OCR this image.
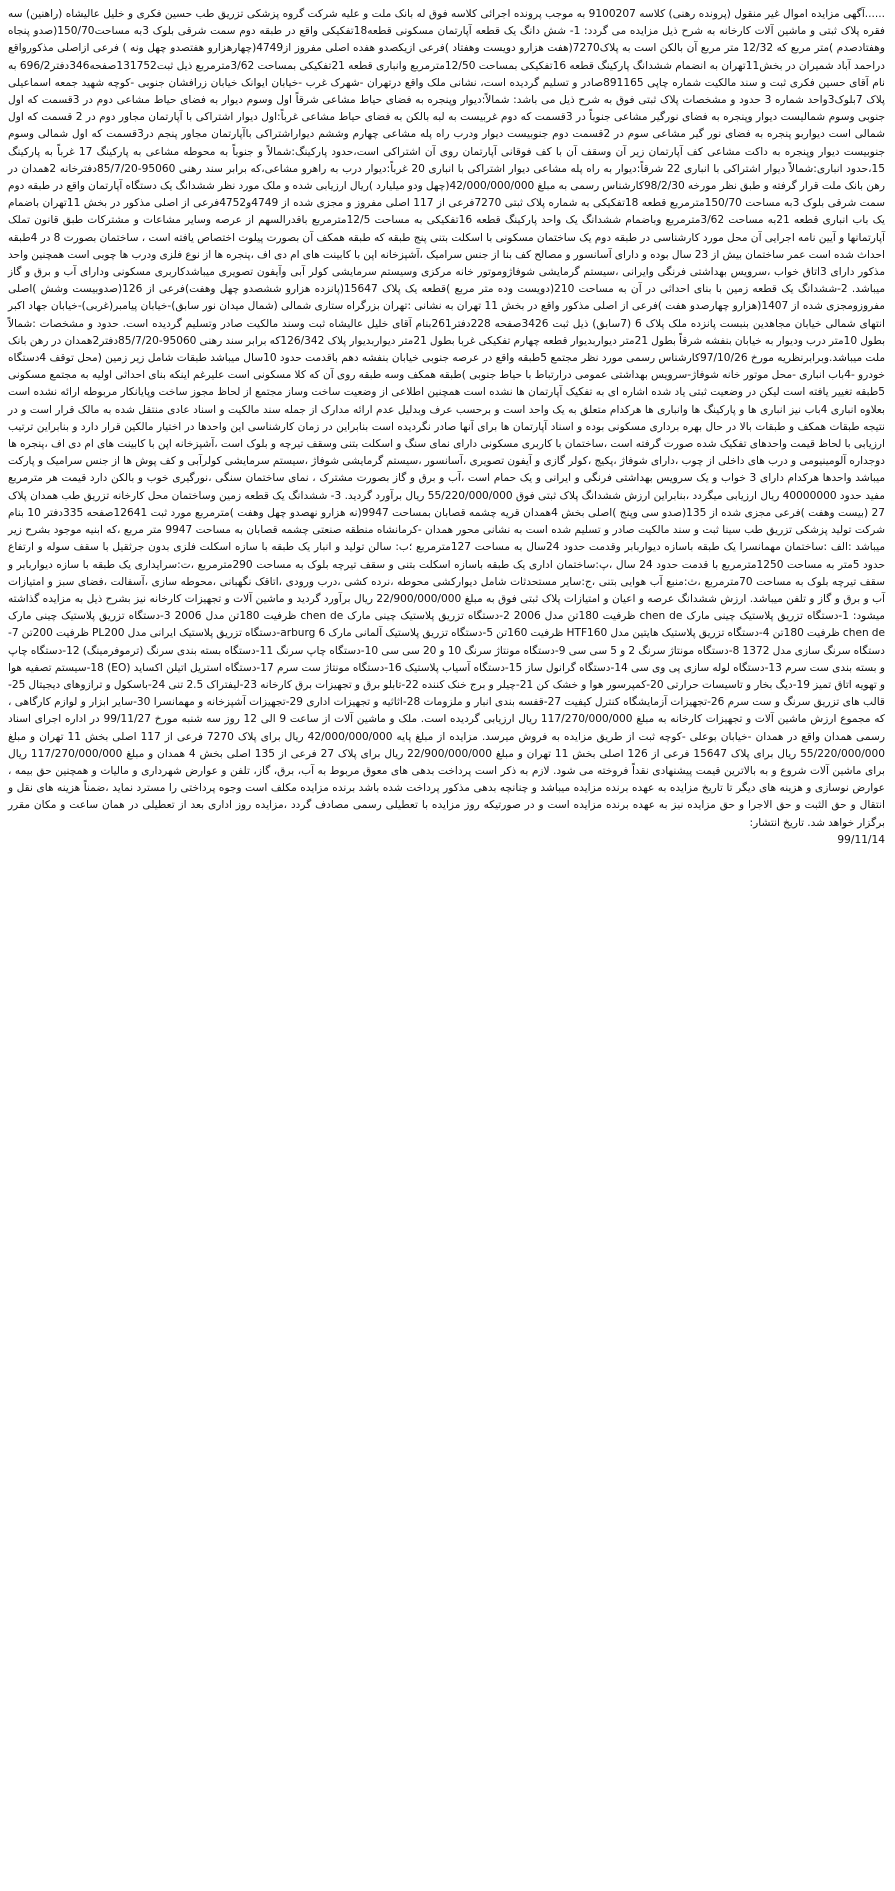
......آگهی مزایده اموال غیر منقول (پرونده رهنی) کلاسه 9100207 به موجب پرونده اجرائی کلاسه فوق له بانک ملت و علیه شرکت گروه پزشکی تزریق طب حسین فکری و خلیل عالیشاه (راهنین) سه فقره پلاک ثبتی و ماشین آلات کارخانه به شرح ذیل مزایده می گردد: 1- شش دانگ یک قطعه آپارتمان مسکونی قطعه18تفکیکی واقع در طبقه دوم سمت شرقی بلوک 3به مساحت150/70(صدو پنجاه وهفتادصدم )متر مربع که 12/32 متر مربع آن بالکن است به پلاک7270(هفت هزارو دویست وهفتاد )فرعی ازیکصدو هفده اصلی مفروز از4749(چهارهزارو هفتصدو چهل ونه ) فرعی ازاصلی مذکورواقع دراحمد آباد شمیران در بخش11تهران به انضمام ششدانگ پارکینگ قطعه 16تفکیکی بمساحت 12/50مترمربع وانباری قطعه 21تفکیکی بمساحت 3/62مترمربع ذیل ثبت131752صفحه346دفتر696/2 به نام آقای حسین فکری ثبت و سند مالکیت شماره چاپی 891165صادر و تسلیم گردیده است، نشانی ملک واقع درتهران -شهرک غرب -خیابان ایوانک خیابان زرافشان جنوبی -کوچه شهید جمعه اسماعیلی پلاک 7بلوک3واحد شماره 3 حدود و مشخصات پلاک ثبتی فوق به شرح ذیل می باشد: شمالاً:دیوار وپنجره به فضای حیاط مشاعی شرقاً اول وسوم دیوار به فضای حیاط مشاعی دوم در 3قسمت که اول جنوبی وسوم شمالیست دیوار وپنجره به فضای نورگیر مشاعی جنوباً در 3قسمت که دوم غربیست به لبه بالکن به فضای حیاط مشاعی غرباً:اول دیوار اشتراکی با آپارتمان مجاور دوم در 2 قسمت که اول شمالی است دیواربو پنجره به فضای نور گیر مشاعی سوم در 2قسمت دوم جنوبیست دیوار ودرب راه پله مشاعی چهارم وششم دیواراشتراکی باآپارتمان مجاور پنجم در3قسمت که اول شمالی وسوم جنوبیست دیوار وپنجره به داکت مشاعی کف آپارتمان زیر آن وسقف آن با کف فوقانی آپارتمان روی آن اشتراکی است،حدود پارکینگ:شمالاً و جنوباً به محوطه مشاعی به پارکینگ 17 غرباً به پارکینگ 15،حدود انباری:شمالاً دیوار اشتراکی با انباری 22 شرقاً:دیوار به راه پله مشاعی دیوار اشتراکی با انباری 20 غرباً:دیوار درب به راهرو مشاعی،که برابر سند رهنی 95060-85/7/20دفترخانه 2همدان در رهن بانک ملت قرار گرفته و طبق نظر مورخه 98/2/30کارشناس رسمی به مبلغ 42/000/000/000(چهل ودو میلیارد )ریال ارزیابی شده و ملک مورد نظر ششدانگ یک دستگاه آپارتمان واقع در طبقه دوم سمت شرقی بلوک 3به مساحت 150/70مترمربع قطعه 18تفکیکی به شماره پلاک ثبتی 7270فرعی از 117 اصلی مفروز و مجزی شده از 4749و4752فرعی از اصلی مذکور در بخش 11تهران باضمام یک باب انباری قطعه 21به مساحت 3/62مترمربع وباضمام ششدانگ یک واحد پارکینگ قطعه 16تفکیکی به مساحت 12/5مترمربع باقدرالسهم از عرصه وسایر مشاعات و مشترکات طبق قانون تملک آپارتمانها و آیین نامه اجرایی آن محل مورد کارشناسی در طبقه دوم یک ساختمان مسکونی با اسکلت بتنی پنج طبقه که طبقه همکف آن بصورت پیلوت اختصاص یافته است ، ساختمان بصورت 8 در 4طبقه احداث شده است عمر ساختمان بیش از 23 سال بوده و دارای آسانسور و مصالح کف بنا از جنس سرامیک ،آشپزخانه اپن با کابینت های ام دی اف ،پنجره ها از نوع فلزی ودرب ها چوبی است همچنین واحد مذکور دارای 3اتاق خواب ،سرویس بهداشتی فرنگی وایرانی ،سیستم گرمایشی شوفاژوموتور خانه مرکزی وسیستم سرمایشی کولر آبی وآیفون تصویری میباشدکاربری مسکونی ودارای آب و برق و گاز میباشد. 2-ششدانگ یک قطعه زمین با بنای احداثی در آن به مساحت 210(دویست وده متر مربع )قطعه یک پلاک 15647(پانزده هزارو ششصدو چهل وهفت)فرعی از 126(صدوبیست وشش )اصلی مفروزومجزی شده از 1407(هزارو چهارصدو هفت )فرعی از اصلی مذکور واقع در بخش 11 تهران به نشانی :تهران بزرگراه ستاری شمالی (شمال میدان نور سابق)-خیابان پیامبر(غربی)-خیابان جهاد اکبر انتهای شمالی خیابان مجاهدین بنبست پانزده ملک پلاک 6 (7سابق) ذیل ثبت 3426صفحه 228دفتر261بنام آقای خلیل عالیشاه ثبت وسند مالکیت صادر وتسلیم گردیده است. حدود و مشخصات :شمالاً بطول 10متر درب ودیوار به خیابان بنفشه شرقاً بطول 21متر دیواربدیوار قطعه چهارم تفکیکی غربا بطول 21متر دیواربدیوار پلاک 126/342که برابر سند رهنی 95060-85/7/20دفتر2همدان در رهن بانک ملت میباشد.وبرابرنظریه مورخ 97/10/26کارشناس رسمی مورد نظر مجتمع 5طبقه واقع در عرصه جنوبی خیابان بنفشه دهم باقدمت حدود 10سال میباشد طبقات شامل زیر زمین (محل توقف 4دستگاه خودرو -4باب انباری -محل موتور خانه شوفاژ-سرویس بهداشتی عمومی درارتباط با حیاط جنوبی )طبقه همکف وسه طبقه روی آن که کلا مسکونی است علیرغم اینکه بنای احداثی اولیه به مجتمع مسکونی 5طبقه تغییر یافته است لیکن در وضعیت ثبتی یاد شده اشاره ای به تفکیک آپارتمان ها نشده است همچنین اطلاعی از وضعیت ساخت وساز مجتمع از لحاظ مجوز ساخت وپایانکار مربوطه ارائه نشده است بعلاوه انباری 4باب نیز انباری ها و پارکینگ ها وانباری ها هرکدام متعلق به یک واحد است و برحسب عرف وبدلیل عدم ارائه مدارک از جمله سند مالکیت و اسناد عادی منتقل شده به مالک قرار است و در نتیجه طبقات همکف و طبقات بالا در حال بهره برداری مسکونی بوده و اسناد آپارتمان ها برای آنها صادر نگردیده است بنابراین در زمان کارشناسی این واحدها در اختیار مالکین قرار دارد و بنابراین ترتیب ارزیابی با لحاظ قیمت واحدهای تفکیک شده صورت گرفته است ،ساختمان با کاربری مسکونی دارای نمای سنگ و اسکلت بتنی وسقف تیرچه و بلوک است ،آشپزخانه اپن با کابینت های ام دی اف ،پنجره ها دوجداره آلومینیومی و درب های داخلی از چوب ،دارای شوفاژ ،پکیج ،کولر گازی و آیفون تصویری ،آسانسور ،سیستم گرمایشی شوفاژ ،سیستم سرمایشی کولرآبی و کف پوش ها از جنس سرامیک و پارکت میباشد واحدها هرکدام دارای 3 خواب و یک سرویس بهداشتی فرنگی و ایرانی و یک حمام است ،آب و برق و گاز بصورت مشترک ، نمای ساختمان سنگی ،نورگیری خوب و بالکن دارد قیمت هر مترمربع مفید حدود 40000000 ریال ارزیابی میگردد ،بنابراین ارزش ششدانگ پلاک ثبتی فوق 55/220/000/000 ریال برآورد گردید. 3- ششدانگ یک قطعه زمین وساختمان محل کارخانه تزریق طب همدان پلاک 27 (بیست وهفت )فرعی مجزی شده از 135(صدو سی وپنج )اصلی بخش 4همدان قریه چشمه قصابان بمساحت 9947(نه هزارو نهصدو چهل وهفت )مترمربع مورد ثبت 12641صفحه 335دفتر 10 بنام شرکت تولید پزشکی تزریق طب سینا ثبت و سند مالکیت صادر و تسلیم شده است به نشانی محور همدان -کرمانشاه منطقه صنعتی چشمه قصابان به مساحت 9947 متر مربع ،که ابنیه موجود بشرح زیر میباشد :الف :ساختمان مهمانسرا یک طبقه باسازه دیواربابر وقدمت حدود 24سال به مساحت 127مترمربع ؛ب: سالن تولید و انبار یک طبقه با سازه اسکلت فلزی بدون جرثقیل با سقف سوله و ارتفاع حدود 5متر به مساحت 1250مترمربع با قدمت حدود 24 سال ،پ:ساختمان اداری یک طبقه باسازه اسکلت بتنی و سقف تیرچه بلوک به مساحت 290مترمربع ،ت:سرایداری یک طبقه با سازه دیواربابر و سقف تیرچه بلوک به مساحت 70مترمربع ،ث:منبع آب هوایی بتنی ،ج:سایر مستحدثات شامل دیوارکشی محوطه ،نرده کشی ،درب ورودی ،اتاقک نگهبانی ،محوطه سازی ،آسفالت ،فضای سبز و امتیازات آب و برق و گاز و تلفن میباشد. ارزش ششدانگ عرصه و اعیان و امتیازات پلاک ثبتی فوق به مبلغ 22/900/000/000 ریال برآورد گردید و ماشین آلات و تجهیزات کارخانه نیز بشرح ذیل به مزایده گذاشته میشود: 1-دستگاه تزریق پلاستیک چینی مارک chen de ظرفیت 180تن مدل 2006 2-دستگاه تزریق پلاستیک چینی مارک chen de ظرفیت 180تن مدل 2006 3-دستگاه تزریق پلاستیک چینی مارک chen de ظرفیت 180تن 4-دستگاه تزریق پلاستیک هایتین مدل HTF160 ظرفیت 160تن 5-دستگاه تزریق پلاستیک آلمانی مارک arburg 6-دستگاه تزریق پلاستیک ایرانی مدل PL200 ظرفیت 200تن 7-دستگاه سرنگ سازی مدل 1372 8-دستگاه مونتاژ سرنگ 2 و 5 سی سی 9-دستگاه مونتاژ سرنگ 10 و 20 سی سی 10-دستگاه چاپ سرنگ 11-دستگاه بسته بندی سرنگ (ترموفرمینگ) 12-دستگاه چاپ و بسته بندی ست سرم 13-دستگاه لوله سازی پی وی سی 14-دستگاه گرانول ساز 15-دستگاه آسیاب پلاستیک 16-دستگاه مونتاژ ست سرم 17-دستگاه استریل اتیلن اکساید (EO) 18-سیستم تصفیه هوا و تهویه اتاق تمیز 19-دیگ بخار و تاسیسات حرارتی 20-کمپرسور هوا و خشک کن 21-چیلر و برج خنک کننده 22-تابلو برق و تجهیزات برق کارخانه 23-لیفتراک 2.5 تنی 24-باسکول و ترازوهای دیجیتال 25-قالب های تزریق سرنگ و ست سرم 26-تجهیزات آزمایشگاه کنترل کیفیت 27-قفسه بندی انبار و ملزومات 28-اثاثیه و تجهیزات اداری 29-تجهیزات آشپزخانه و مهمانسرا 30-سایر ابزار و لوازم کارگاهی ، که مجموع ارزش ماشین آلات و تجهیزات کارخانه به مبلغ 117/270/000/000 ریال ارزیابی گردیده است. ملک و ماشین آلات از ساعت 9 الی 12 روز سه شنبه مورخ 99/11/27 در اداره اجرای اسناد رسمی همدان واقع در همدان -خیابان بوعلی -کوچه ثبت از طریق مزایده به فروش میرسد. مزایده از مبلغ پایه 42/000/000/000 ریال برای پلاک 7270 فرعی از 117 اصلی بخش 11 تهران و مبلغ 55/220/000/000 ریال برای پلاک 15647 فرعی از 126 اصلی بخش 11 تهران و مبلغ 22/900/000/000 ریال برای پلاک 27 فرعی از 135 اصلی بخش 4 همدان و مبلغ 117/270/000/000 ریال برای ماشین آلات شروع و به بالاترین قیمت پیشنهادی نقداً فروخته می شود. لازم به ذکر است پرداخت بدهی های معوق مربوط به آب، برق، گاز، تلفن و عوارض شهرداری و مالیات و همچنین حق بیمه ، عوارض نوسازی و هزینه های دیگر تا تاریخ مزایده به عهده برنده مزایده میباشد و چنانچه بدهی مذکور پرداخت شده باشد برنده مزایده مکلف است وجوه پرداختی را مسترد نماید ،ضمناً هزینه های نقل و انتقال و حق الثبت و حق الاجرا و حق مزایده نیز به عهده برنده مزایده است و در صورتیکه روز مزایده با تعطیلی رسمی مصادف گردد ،مزایده روز اداری بعد از تعطیلی در همان ساعت و مکان مقرر برگزار خواهد شد. تاریخ انتشار:

99/11/14
